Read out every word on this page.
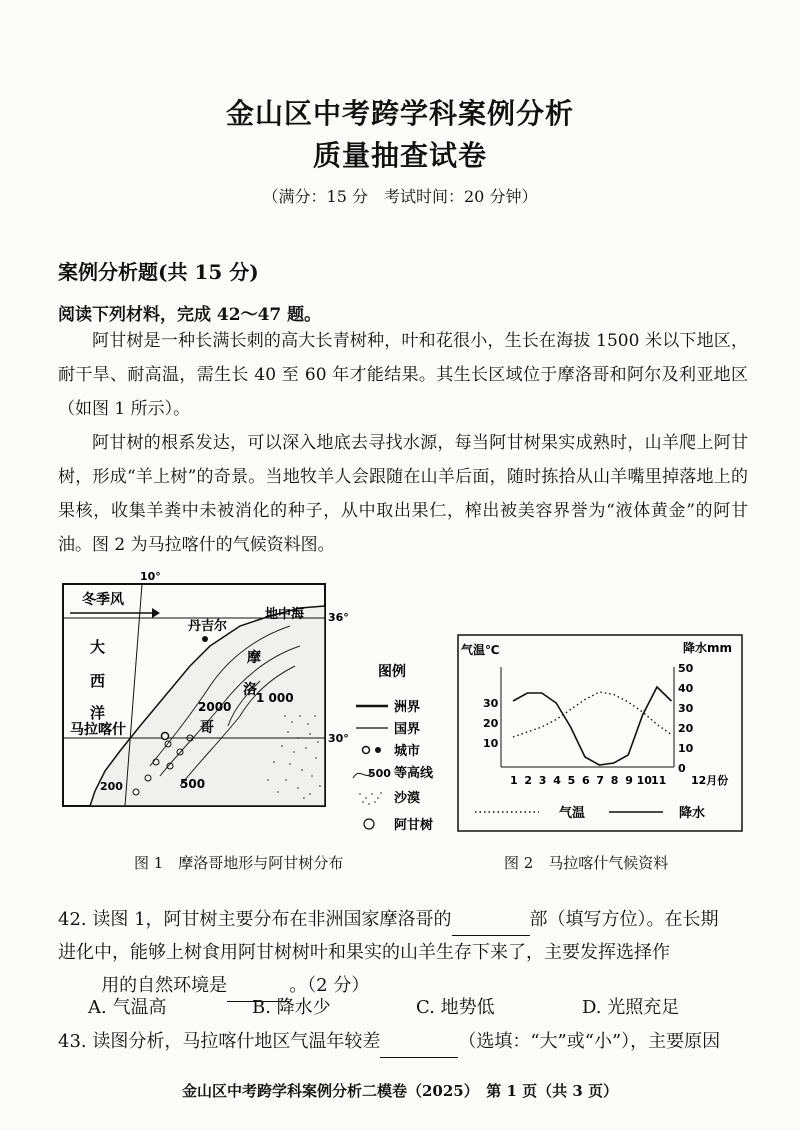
金山区中考跨学科案例分析
质量抽查试卷
（满分：15 分　考试时间：20 分钟）
案例分析题(共 15 分)
阅读下列材料，完成 42～47 题。

阿甘树是一种长满长刺的高大长青树种，叶和花很小，生长在海拔 1500 米以下地区，耐干旱、耐高温，需生长 40 至 60 年才能结果。其生长区域位于摩洛哥和阿尔及利亚地区（如图 1 所示）。

阿甘树的根系发达，可以深入地底去寻找水源，每当阿甘树果实成熟时，山羊爬上阿甘树，形成“羊上树”的奇景。当地牧羊人会跟随在山羊后面，随时拣拾从山羊嘴里掉落地上的果核，收集羊粪中未被消化的种子，从中取出果仁，榨出被美容界誉为“液体黄金”的阿甘油。图 2 为马拉喀什的气候资料图。

10°
36°
30°
冬季风
大
西
洋
马拉喀什
丹吉尔
地中海
摩
洛
哥
2000
1 000
500
200
图例
洲界
国界
城市
500 等高线
沙漠
阿甘树
图 1　摩洛哥地形与阿甘树分布
气温℃	降水mm
30
20
10
50
40
30
20
10
0
1 2 3 4 5 6 7 8 9 10 11 12月份
气温	降水
图 2　马拉喀什气候资料
42. 读图 1，阿甘树主要分布在非洲国家摩洛哥的	部（填写方位）。在长期
进化中，能够上树食用阿甘树树叶和果实的山羊生存下来了，主要发挥选择作
用的自然环境是	。（2 分）
A. 气温高	B. 降水少	C. 地势低	D. 光照充足
43. 读图分析，马拉喀什地区气温年较差	（选填：“大”或“小”），主要原因
金山区中考跨学科案例分析二模卷（2025）　第 1 页（共 3 页）
